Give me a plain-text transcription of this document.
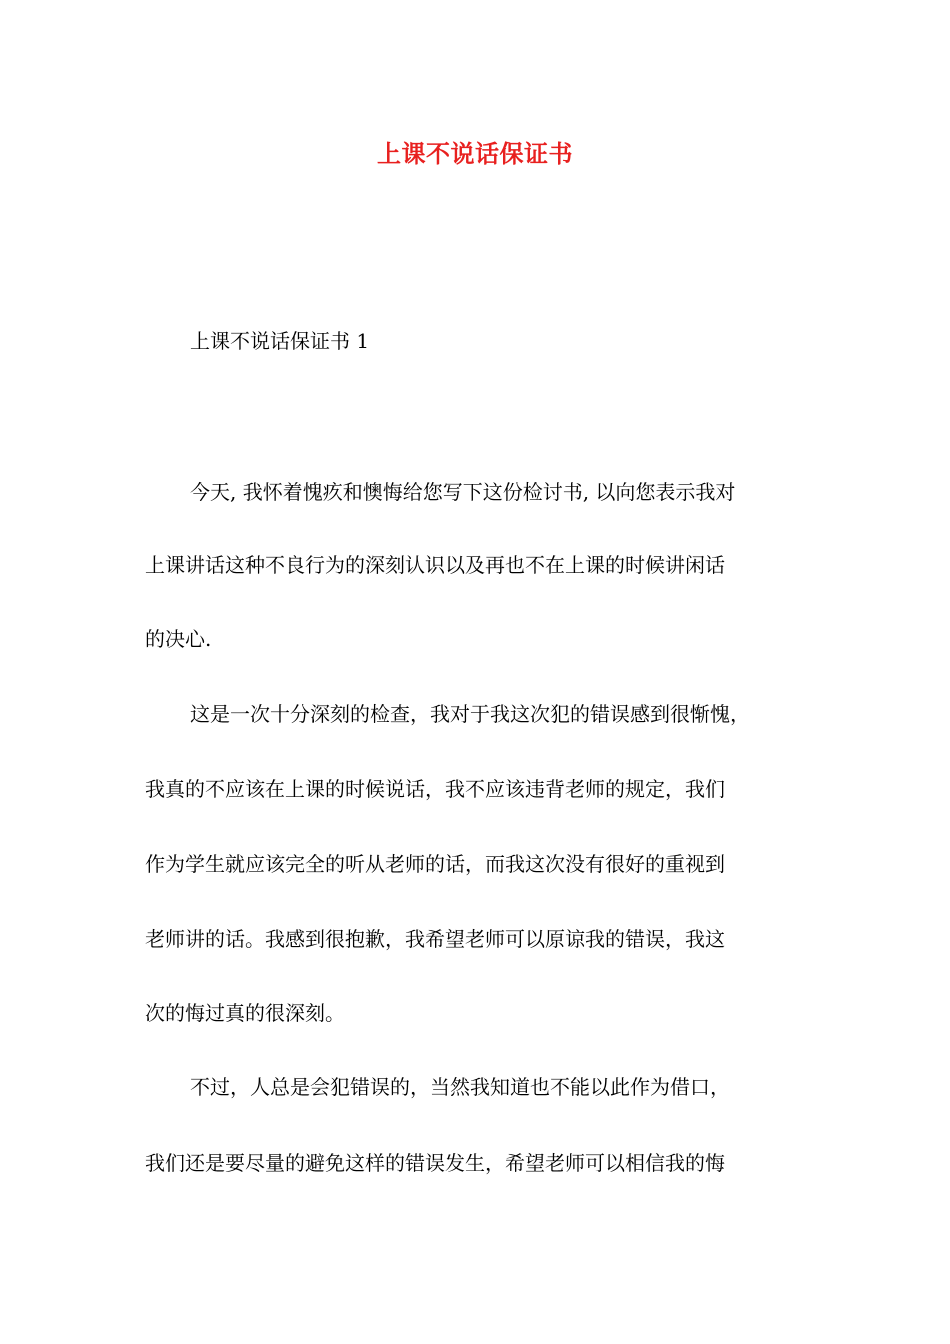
上课不说话保证书
上课不说话保证书 1
今天, 我怀着愧疚和懊悔给您写下这份检讨书, 以向您表示我对
上课讲话这种不良行为的深刻认识以及再也不在上课的时候讲闲话
的决心.
这是一次十分深刻的检查，我对于我这次犯的错误感到很惭愧，
我真的不应该在上课的时候说话，我不应该违背老师的规定，我们
作为学生就应该完全的听从老师的话，而我这次没有很好的重视到
老师讲的话。我感到很抱歉，我希望老师可以原谅我的错误，我这
次的悔过真的很深刻。
不过，人总是会犯错误的，当然我知道也不能以此作为借口，
我们还是要尽量的避免这样的错误发生，希望老师可以相信我的悔
